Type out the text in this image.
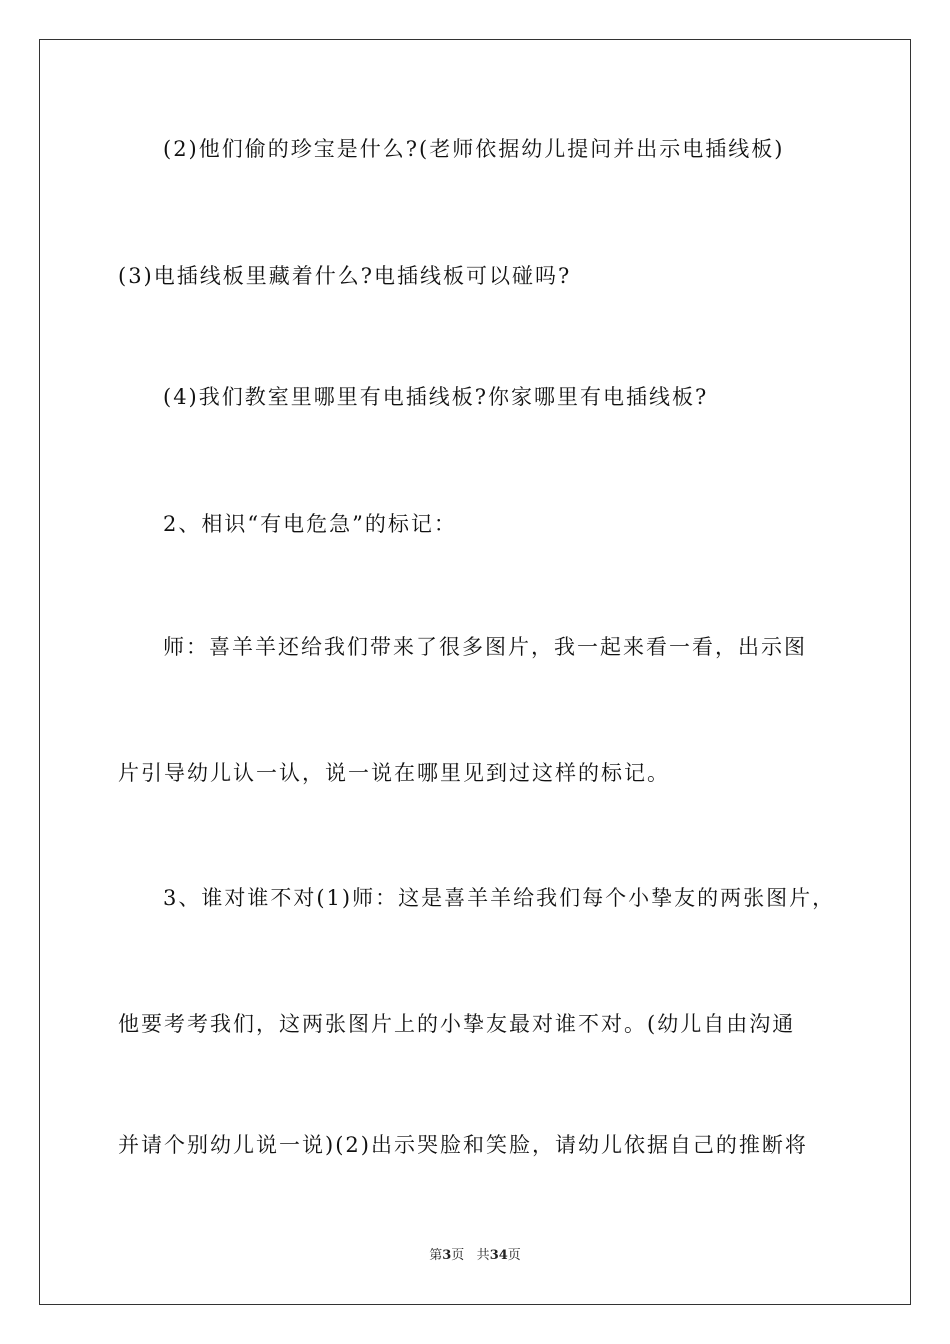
(2)他们偷的珍宝是什么?(老师依据幼儿提问并出示电插线板)
(3)电插线板里藏着什么?电插线板可以碰吗?
(4)我们教室里哪里有电插线板?你家哪里有电插线板?
2、相识“有电危急”的标记：
师：喜羊羊还给我们带来了很多图片，我一起来看一看，出示图
片引导幼儿认一认，说一说在哪里见到过这样的标记。
3、谁对谁不对(1)师：这是喜羊羊给我们每个小挚友的两张图片，
他要考考我们，这两张图片上的小挚友最对谁不对。(幼儿自由沟通
并请个别幼儿说一说)(2)出示哭脸和笑脸，请幼儿依据自己的推断将
第3页 共34页
